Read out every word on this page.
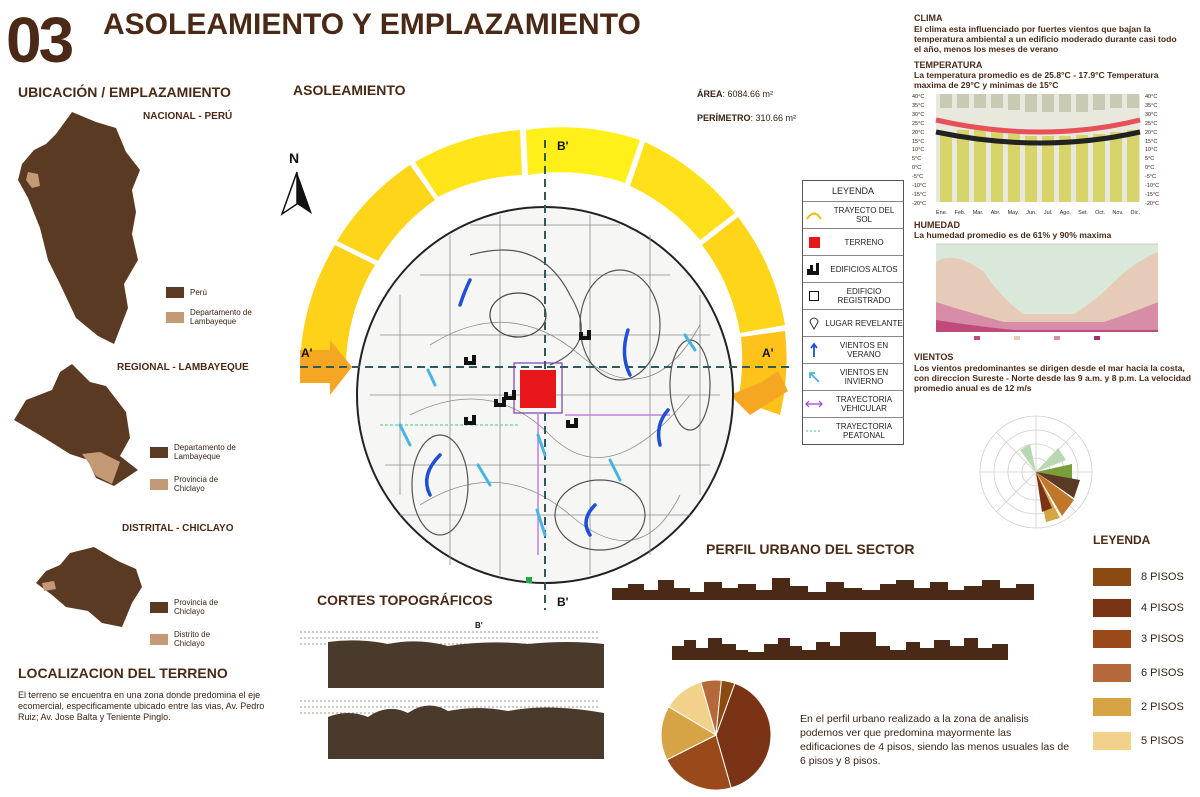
03 ASOLEAMIENTO Y EMPLAZAMIENTO
UBICACIÓN / EMPLAZAMIENTO
NACIONAL - PERÚ
Perú
Departamento de Lambayeque
REGIONAL - LAMBAYEQUE
Departamento de Lambayeque
Provincia de Chiclayo
DISTRITAL - CHICLAYO
Provincia de Chiclayo
Distrito de Chiclayo
LOCALIZACION DEL TERRENO
El terreno se encuentra en una zona donde predomina el eje ecomercial, especificamente ubicado entre las vias, Av. Pedro Ruiz; Av. Jose Balta y Teniente Pinglo.
ASOLEAMIENTO	ÁREA: 6084.66 m²
PERÍMETRO: 310.66 m²
N
B'
B'
A'	A'
LEYENDA
TRAYECTO DEL SOL
TERRENO
EDIFICIOS ALTOS
EDIFICIO REGISTRADO
LUGAR REVELANTE
VIENTOS EN VERANO
VIENTOS EN INVIERNO
TRAYECTORIA VEHICULAR
TRAYECTORIA PEATONAL
CLIMA
El clima esta influenciado por fuertes vientos que bajan la temperatura ambiental a un edificio moderado durante casi todo el año, menos los meses de verano
TEMPERATURA
La temperatura promedio es de 25.8°C - 17.9°C Temperatura maxima de 29°C y minimas de 15°C
40°C
35°C
30°C
25°C
20°C
15°C
10°C
5°C
0°C
-5°C
-10°C
-15°C
-20°C
40°C
35°C
30°C
25°C
20°C
15°C
10°C
5°C
0°C
-5°C
-10°C
-15°C
-20°C
Ene. Feb. Mar. Abr. May. Jun. Jul. Ago. Set. Oct. Nov. Dic.
HUMEDAD
La humedad promedio es de 61% y 90% maxima
VIENTOS
Los vientos predominantes se dirigen desde el mar hacia la costa, con direccion Sureste - Norte desde las 9 a.m. y 8 p.m. La velocidad promedio anual es de 12 m/s
PERFIL URBANO DEL SECTOR
En el perfil urbano realizado a la zona de analisis podemos ver que predomina mayormente las edificaciones de 4 pisos, siendo las menos usuales las de 6 pisos y 8 pisos.
CORTES TOPOGRÁFICOS
B'
LEYENDA
8 PISOS
4 PISOS
3 PISOS
6 PISOS
2 PISOS
5 PISOS
